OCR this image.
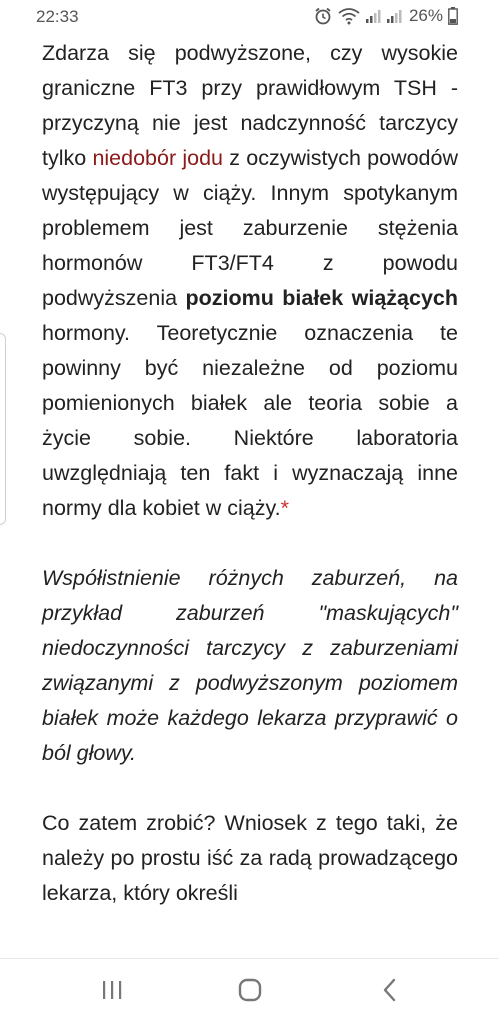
22:33	26%

Zdarza się podwyższone, czy wysokie graniczne FT3 przy prawidłowym TSH - przyczyną nie jest nadczynność tarczycy tylko niedobór jodu z oczywistych powodów występujący w ciąży. Innym spotykanym problemem jest zaburzenie stężenia hormonów FT3/FT4 z powodu podwyższenia poziomu białek wiążących hormony. Teoretycznie oznaczenia te powinny być niezależne od poziomu pomienionych białek ale teoria sobie a życie sobie. Niektóre laboratoria uwzględniają ten fakt i wyznaczają inne normy dla kobiet w ciąży.*

Współistnienie różnych zaburzeń, na przykład zaburzeń "maskujących" niedoczynności tarczycy z zaburzeniami związanymi z podwyższonym poziomem białek może każdego lekarza przyprawić o ból głowy.

Co zatem zrobić? Wniosek z tego taki, że należy po prostu iść za radą prowadzącego lekarza, który określi
